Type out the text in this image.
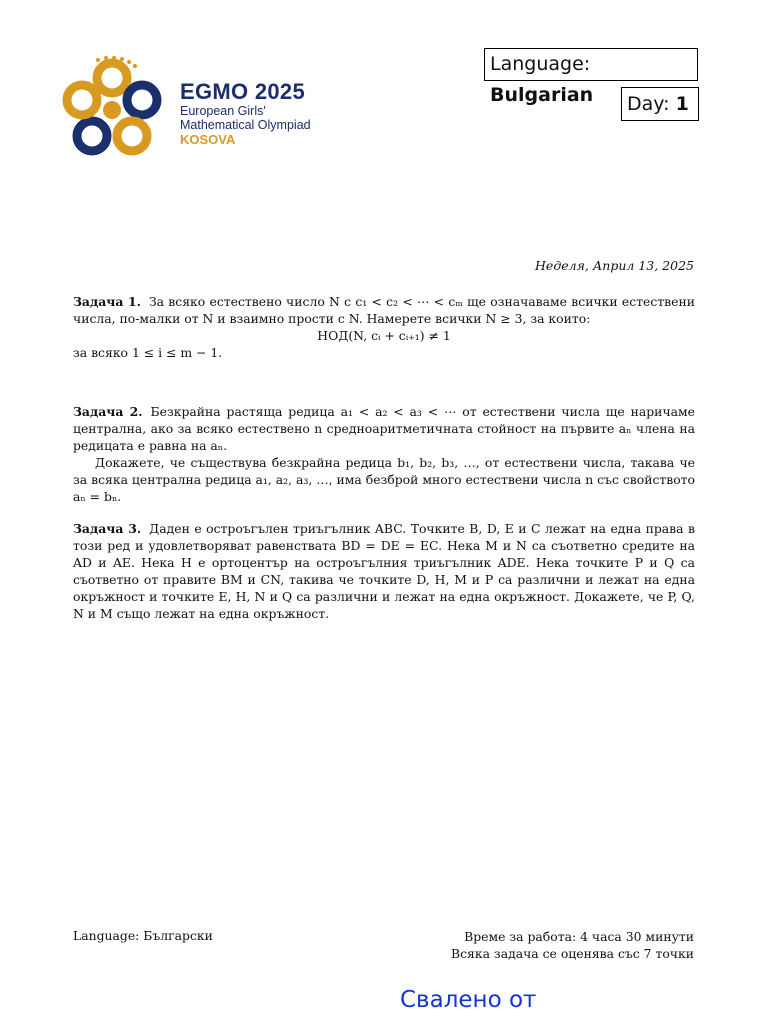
EGMO 2025
European Girls'
Mathematical Olympiad
KOSOVA
Language: Bulgarian	Day: 1
Неделя, Април 13, 2025

Задача 1. За всяко естествено число N с c₁ < c₂ < ⋯ < cₘ ще означаваме всички естествени числа, по-малки от N и взаимно прости с N. Намерете всички N ≥ 3, за които:

НОД(N, cᵢ + cᵢ₊₁) ≠ 1

за всяко 1 ≤ i ≤ m − 1.

Задача 2. Безкрайна растяща редица a₁ < a₂ < a₃ < ⋯ от естествени числа ще наричаме централна, ако за всяко естествено n средноаритметичната стойност на първите aₙ члена на редицата е равна на aₙ.

Докажете, че съществува безкрайна редица b₁, b₂, b₃, …, от естествени числа, такава че за всяка централна редица a₁, a₂, a₃, …, има безброй много естествени числа n със свойството aₙ = bₙ.

Задача 3. Даден е остроъгълен триъгълник ABC. Точките B, D, E и C лежат на една права в този ред и удовлетворяват равенствата BD = DE = EC. Нека M и N са съответно средите на AD и AE. Нека H е ортоцентър на остроъгълния триъгълник ADE. Нека точките P и Q са съответно от правите BM и CN, такива че точките D, H, M и P са различни и лежат на една окръжност и точките E, H, N и Q са различни и лежат на една окръжност. Докажете, че P, Q, N и M също лежат на една окръжност.

Language: Български	Време за работа: 4 часа 30 минути
Всяка задача се оценява със 7 точки
Свалено от
